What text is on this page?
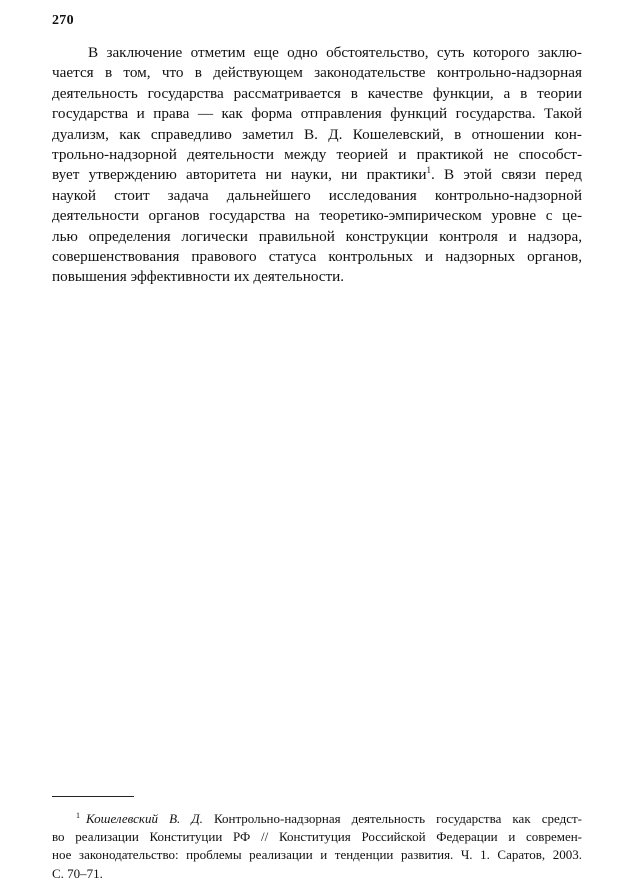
270
В заключение отметим еще одно обстоятельство, суть которого заклю-
чается в том, что в действующем законодательстве контрольно-надзорная
деятельность государства рассматривается в качестве функции, а в теории
государства и права — как форма отправления функций государства. Такой
дуализм, как справедливо заметил В. Д. Кошелевский, в отношении кон-
трольно-надзорной деятельности между теорией и практикой не способст-
вует утверждению авторитета ни науки, ни практики$^1$. В этой связи перед
наукой стоит задача дальнейшего исследования контрольно-надзорной
деятельности органов государства на теоретико-эмпирическом уровне с це-
лью определения логически правильной конструкции контроля и надзора,
совершенствования правового статуса контрольных и надзорных органов,
повышения эффективности их деятельности.
$^1$ Кошелевский В. Д. Контрольно-надзорная деятельность государства как средст-
во реализации Конституции РФ // Конституция Российской Федерации и современ-
ное законодательство: проблемы реализации и тенденции развития. Ч. 1. Саратов, 2003.
С. 70–71.
